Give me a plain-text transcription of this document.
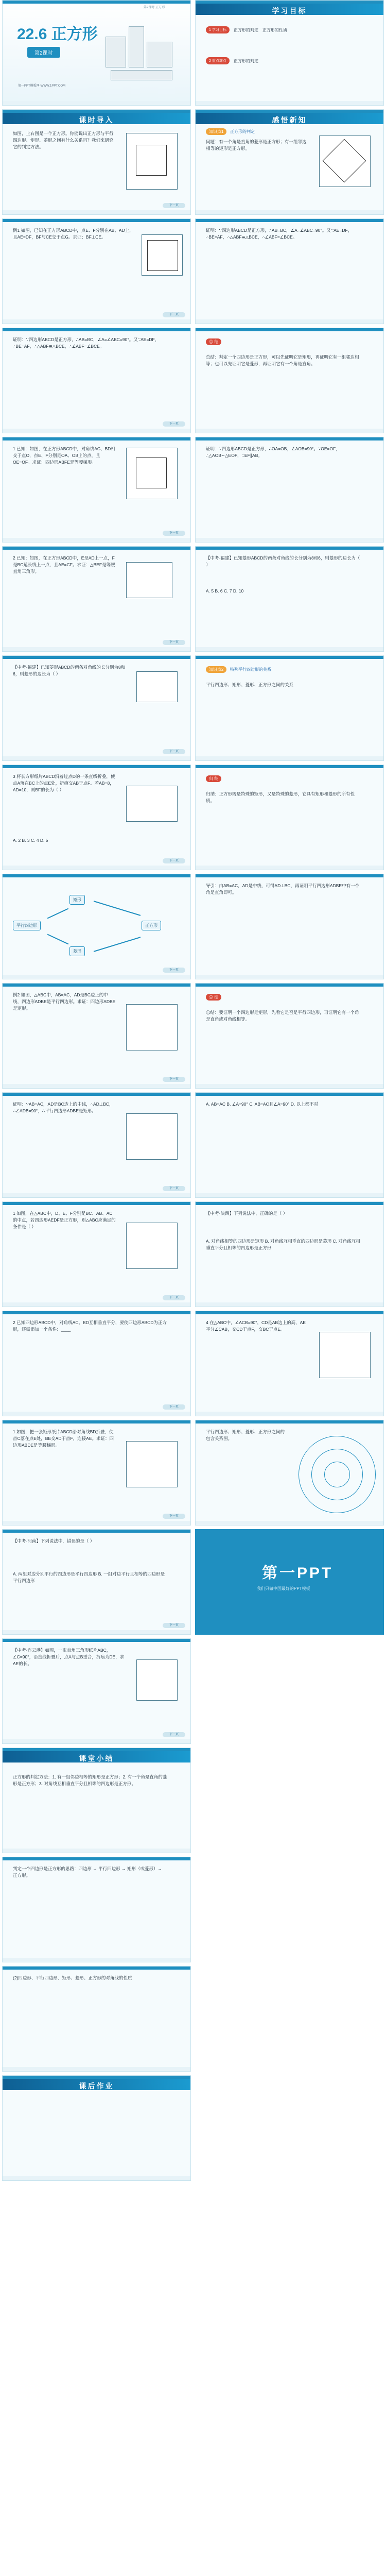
第2课时 正方形
22.6 正方形
第2课时
第一PPT模板网-WWW.1PPT.COM
课时导入
如图，上右图是一个正方形。你能说出正方形与平行四边形、矩形、菱形之间有什么关系吗？我们来研究它的判定方法。
下一页
例1 如图，已知在正方形ABCD中，点E、F分别在AB、AD上，且AE=DF，BF与CE交于点G。求证：BF⊥CE。
下一页
证明：∵四边形ABCD是正方形，∴AB=BC，∠A=∠ABC=90°。又∵AE=DF，∴BE=AF，∴△ABF≌△BCE，∴∠ABF=∠BCE。
下一页
1 已知：如图，在正方形ABCD中，对角线AC、BD相交于点O，点E、F分别是OA、OB上的点，且OE=OF。求证：四边形ABFE是等腰梯形。
下一页
2 已知：如图，在正方形ABCD中，E是AD上一点，F是BC延长线上一点，且AE=CF。求证：△BEF是等腰直角三角形。
下一页
【中考·福建】已知菱形ABCD的两条对角线的长分别为8和6，则菱形的边长为（ ）
下一页
3 将长方形纸片ABCD沿着过点D的一条直线折叠，使点A落在BC上的点E处，折痕交AB于点F。若AB=8，AD=10，则BF的长为（ ）
A. 2 B. 3 C. 4 D. 5
下一页
平行四边形
矩形
菱形
正方形
下一页
例2 如图，△ABC中，AB=AC，AD是BC边上的中线，四边形ADBE是平行四边形。求证：四边形ADBE是矩形。
下一页
证明：∵AB=AC，AD是BC边上的中线，∴AD⊥BC，∴∠ADB=90°，∴平行四边形ADBE是矩形。
下一页
1 如图，在△ABC中，D、E、F分别是BC、AB、AC的中点，若四边形AEDF是正方形，则△ABC应满足的条件是（ ）
下一页
2 已知四边形ABCD中，对角线AC、BD互相垂直平分，要使四边形ABCD为正方形，还需添加一个条件：____
下一页
1 如图，把一张矩形纸片ABCD沿对角线BD折叠，使点C落在点E处，BE交AD于点F，连接AE。求证：四边形ABDE是等腰梯形。
下一页
【中考·河南】下列说法中，错误的是（ ）
A. 两组对边分别平行的四边形是平行四边形 B. 一组对边平行且相等的四边形是平行四边形
下一页
【中考·连云港】如图，一张直角三角形纸片ABC，∠C=90°，沿直线折叠后，点A与点B重合，折痕为DE，求AE的长。
下一页
课堂小结
正方形的判定方法：1. 有一组邻边相等的矩形是正方形；2. 有一个角是直角的菱形是正方形；3. 对角线互相垂直平分且相等的四边形是正方形。
判定一个四边形是正方形的思路：四边形 → 平行四边形 → 矩形（或菱形）→ 正方形。
(2)四边形、平行四边形、矩形、菱形、正方形的对角线的性质
课后作业
学习目标
1 学习目标	正方形的判定 正方形的性质
2 重点难点	正方形的判定
感悟新知
知识点1 正方形的判定
问题：有一个角是直角的菱形是正方形；有一组邻边相等的矩形是正方形。
证明：∵四边形ABCD是正方形，∴AB=BC，∠A=∠ABC=90°。又∵AE=DF，∴BE=AF，∴△ABF≌△BCE，∴∠ABF=∠BCE。
总 结
总结：判定一个四边形是正方形，可以先证明它是矩形，再证明它有一组邻边相等；也可以先证明它是菱形，再证明它有一个角是直角。
证明：∵四边形ABCD是正方形，∴OA=OB，∠AOB=90°。∵OE=OF，∴△AOB∽△EOF，∴EF∥AB。
【中考·福建】已知菱形ABCD的两条对角线的长分别为8和6，则菱形的边长为（ ）
A. 5 B. 6 C. 7 D. 10
知识点2 特殊平行四边形的关系
平行四边形、矩形、菱形、正方形之间的关系
归 纳
归纳：正方形既是特殊的矩形，又是特殊的菱形，它具有矩形和菱形的所有性质。
导引：由AB=AC，AD是中线，可得AD⊥BC，再证明平行四边形ADBE中有一个角是直角即可。
总 结
总结：要证明一个四边形是矩形，先看它是否是平行四边形，再证明它有一个角是直角或对角线相等。
A. AB=AC B. ∠A=90° C. AB=AC且∠A=90° D. 以上都不对
【中考·陕西】下列说法中，正确的是（ ）
A. 对角线相等的四边形是矩形 B. 对角线互相垂直的四边形是菱形 C. 对角线互相垂直平分且相等的四边形是正方形
4 在△ABC中，∠ACB=90°，CD是AB边上的高，AE平分∠CAB，交CD于点F，交BC于点E。
平行四边形、矩形、菱形、正方形之间的包含关系图。
第一PPT
我们只做中国最好的PPT模板
